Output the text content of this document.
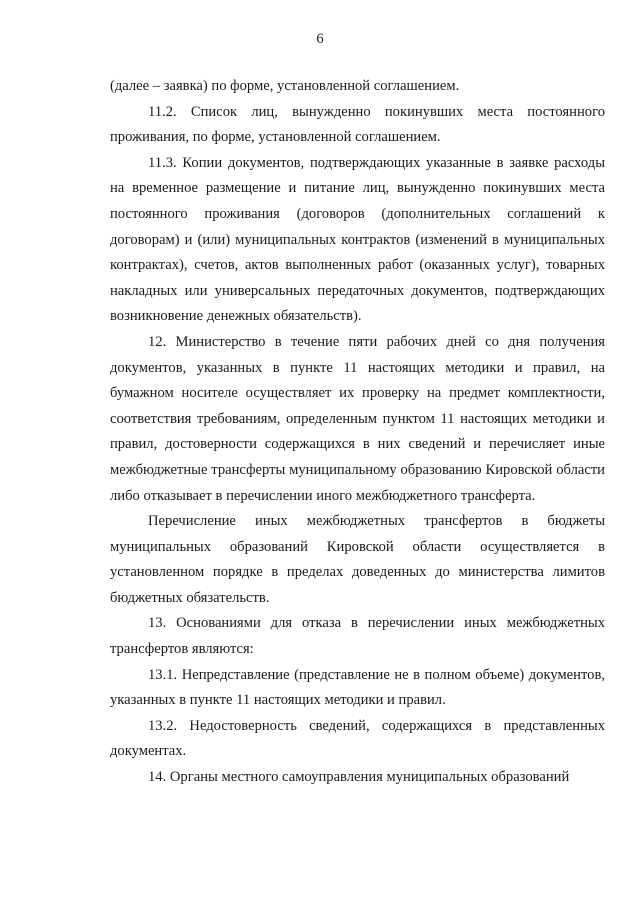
6

(далее – заявка) по форме, установленной соглашением.

11.2. Список лиц, вынужденно покинувших места постоянного проживания, по форме, установленной соглашением.

11.3. Копии документов, подтверждающих указанные в заявке расходы на временное размещение и питание лиц, вынужденно покинувших места постоянного проживания (договоров (дополнительных соглашений к договорам) и (или) муниципальных контрактов (изменений в муниципальных контрактах), счетов, актов выполненных работ (оказанных услуг), товарных накладных или универсальных передаточных документов, подтверждающих возникновение денежных обязательств).

12. Министерство в течение пяти рабочих дней со дня получения документов, указанных в пункте 11 настоящих методики и правил, на бумажном носителе осуществляет их проверку на предмет комплектности, соответствия требованиям, определенным пунктом 11 настоящих методики и правил, достоверности содержащихся в них сведений и перечисляет иные межбюджетные трансферты муниципальному образованию Кировской области либо отказывает в перечислении иного межбюджетного трансферта.

Перечисление иных межбюджетных трансфертов в бюджеты муниципальных образований Кировской области осуществляется в установленном порядке в пределах доведенных до министерства лимитов бюджетных обязательств.

13. Основаниями для отказа в перечислении иных межбюджетных трансфертов являются:

13.1. Непредставление (представление не в полном объеме) документов, указанных в пункте 11 настоящих методики и правил.

13.2. Недостоверность сведений, содержащихся в представленных документах.

14. Органы местного самоуправления муниципальных образований
